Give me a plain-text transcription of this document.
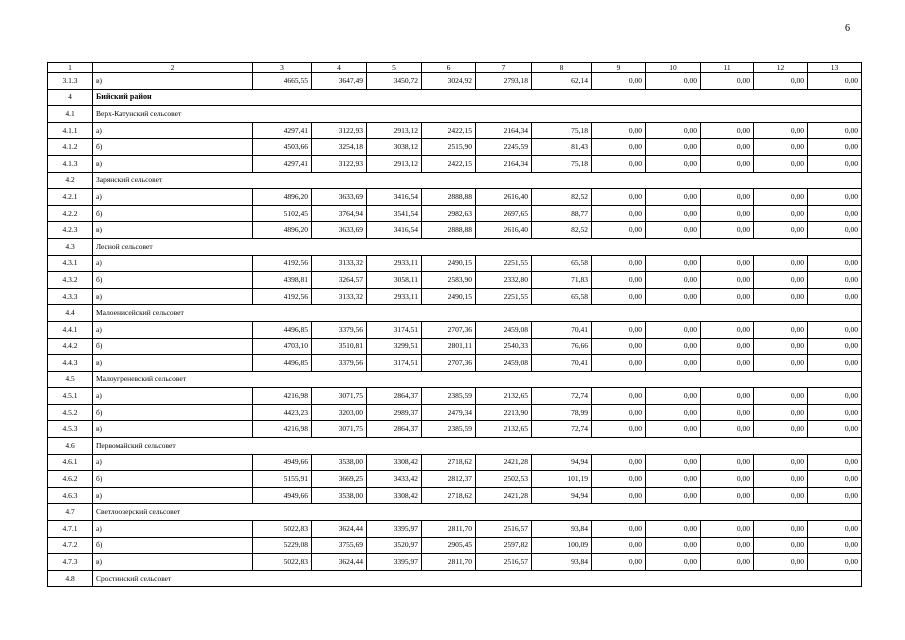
6
1	2	3	4	5	6	7	8	9	10	11	12	13
3.1.3	в)	4665,55	3647,49	3450,72	3024,92	2793,18	62,14	0,00	0,00	0,00	0,00	0,00
4	Бийский район											
4.1	Верх-Катунский сельсовет											
4.1.1	а)	4297,41	3122,93	2913,12	2422,15	2164,34	75,18	0,00	0,00	0,00	0,00	0,00
4.1.2	б)	4503,66	3254,18	3038,12	2515,90	2245,59	81,43	0,00	0,00	0,00	0,00	0,00
4.1.3	в)	4297,41	3122,93	2913,12	2422,15	2164,34	75,18	0,00	0,00	0,00	0,00	0,00
4.2	Зарянский сельсовет											
4.2.1	а)	4896,20	3633,69	3416,54	2888,88	2616,40	82,52	0,00	0,00	0,00	0,00	0,00
4.2.2	б)	5102,45	3764,94	3541,54	2982,63	2697,65	88,77	0,00	0,00	0,00	0,00	0,00
4.2.3	в)	4896,20	3633,69	3416,54	2888,88	2616,40	82,52	0,00	0,00	0,00	0,00	0,00
4.3	Лесной сельсовет											
4.3.1	а)	4192,56	3133,32	2933,11	2490,15	2251,55	65,58	0,00	0,00	0,00	0,00	0,00
4.3.2	б)	4398,81	3264,57	3058,11	2583,90	2332,80	71,83	0,00	0,00	0,00	0,00	0,00
4.3.3	в)	4192,56	3133,32	2933,11	2490,15	2251,55	65,58	0,00	0,00	0,00	0,00	0,00
4.4	Малоенисейский сельсовет											
4.4.1	а)	4496,85	3379,56	3174,51	2707,36	2459,08	70,41	0,00	0,00	0,00	0,00	0,00
4.4.2	б)	4703,10	3510,81	3299,51	2801,11	2540,33	76,66	0,00	0,00	0,00	0,00	0,00
4.4.3	в)	4496,85	3379,56	3174,51	2707,36	2459,08	70,41	0,00	0,00	0,00	0,00	0,00
4.5	Малоугреневский сельсовет											
4.5.1	а)	4216,98	3071,75	2864,37	2385,59	2132,65	72,74	0,00	0,00	0,00	0,00	0,00
4.5.2	б)	4423,23	3203,00	2989,37	2479,34	2213,90	78,99	0,00	0,00	0,00	0,00	0,00
4.5.3	в)	4216,98	3071,75	2864,37	2385,59	2132,65	72,74	0,00	0,00	0,00	0,00	0,00
4.6	Первомайский сельсовет											
4.6.1	а)	4949,66	3538,00	3308,42	2718,62	2421,28	94,94	0,00	0,00	0,00	0,00	0,00
4.6.2	б)	5155,91	3669,25	3433,42	2812,37	2502,53	101,19	0,00	0,00	0,00	0,00	0,00
4.6.3	в)	4949,66	3538,00	3308,42	2718,62	2421,28	94,94	0,00	0,00	0,00	0,00	0,00
4.7	Светлоозерский сельсовет											
4.7.1	а)	5022,83	3624,44	3395,97	2811,70	2516,57	93,84	0,00	0,00	0,00	0,00	0,00
4.7.2	б)	5229,08	3755,69	3520,97	2905,45	2597,82	100,09	0,00	0,00	0,00	0,00	0,00
4.7.3	в)	5022,83	3624,44	3395,97	2811,70	2516,57	93,84	0,00	0,00	0,00	0,00	0,00
4.8	Сростинский сельсовет											
